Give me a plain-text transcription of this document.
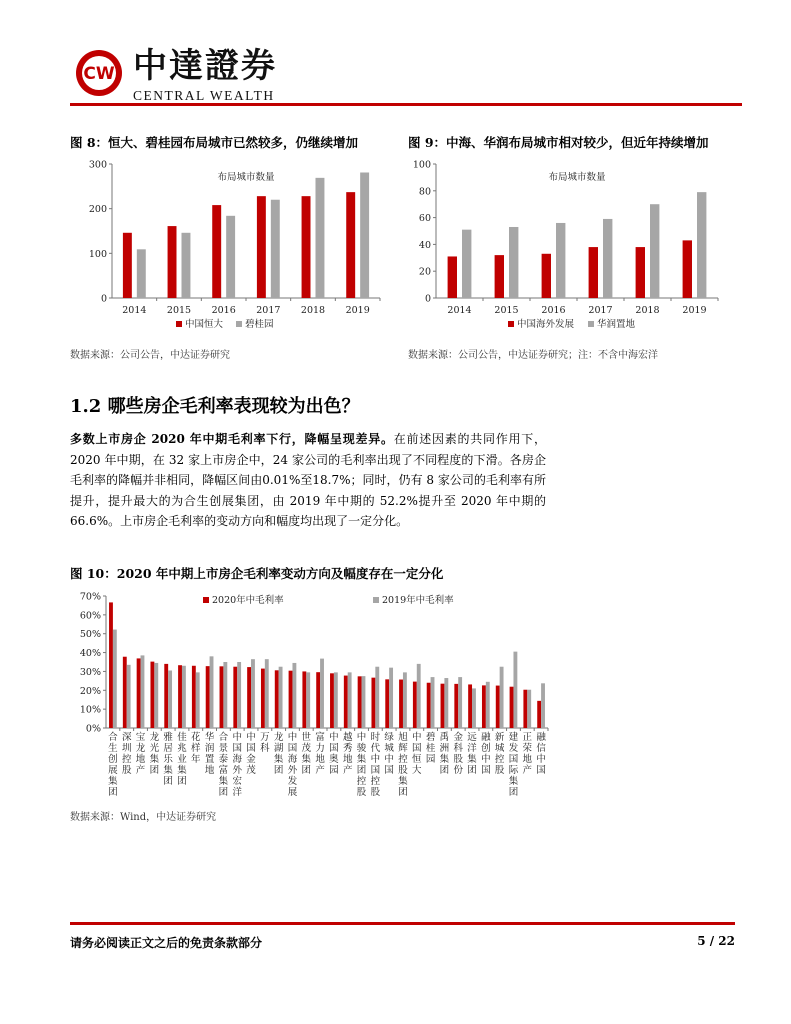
CW 中達證券
CENTRAL WEALTH
图 8：恒大、碧桂园布局城市已然较多，仍继续增加	图 9：中海、华润布局城市相对较少，但近年持续增加
0
100
200
300
2014 2015 2016 2017 2018 2019
布局城市数量
中国恒大 碧桂园
0
20
40
60
80
100
2014 2015 2016 2017 2018 2019
布局城市数量
中国海外发展 华润置地
数据来源：公司公告，中达证券研究	数据来源：公司公告，中达证券研究；注：不含中海宏洋
1.2 哪些房企毛利率表现较为出色？
多数上市房企 2020 年中期毛利率下行，降幅呈现差异。在前述因素的共同作用下，2020 年中期，在 32 家上市房企中，24 家公司的毛利率出现了不同程度的下滑。各房企毛利率的降幅并非相同，降幅区间由0.01%至18.7%；同时，仍有 8 家公司的毛利率有所提升，提升最大的为合生创展集团，由 2019 年中期的 52.2%提升至 2020 年中期的 66.6%。上市房企毛利率的变动方向和幅度均出现了一定分化。
图 10：2020 年中期上市房企毛利率变动方向及幅度存在一定分化
0%
10%
20%
30%
40%
50%
60%
70%
合
生
创
展
集
团
深
圳
控
股
宝
龙
地
产
龙
光
集
团
雅
居
乐
集
团
佳
兆
业
集
团
花
样
年
华
润
置
地
合
景
泰
富
集
团
中
国
海
外
宏
洋
中
国
金
茂
万
科
龙
湖
集
团
中
国
海
外
发
展
世
茂
集
团
富
力
地
产
中
国
奥
园
越
秀
地
产
中
骏
集
团
控
股
时
代
中
国
控
股
绿
城
中
国
旭
辉
控
股
集
团
中
国
恒
大
碧
桂
园
禹
洲
集
团
金
科
股
份
远
洋
集
团
融
创
中
国
新
城
控
股
建
发
国
际
集
团
正
荣
地
产
融
信
中
国
2020年中毛利率	2019年中毛利率
数据来源：Wind，中达证券研究
请务必阅读正文之后的免责条款部分	5 / 22
